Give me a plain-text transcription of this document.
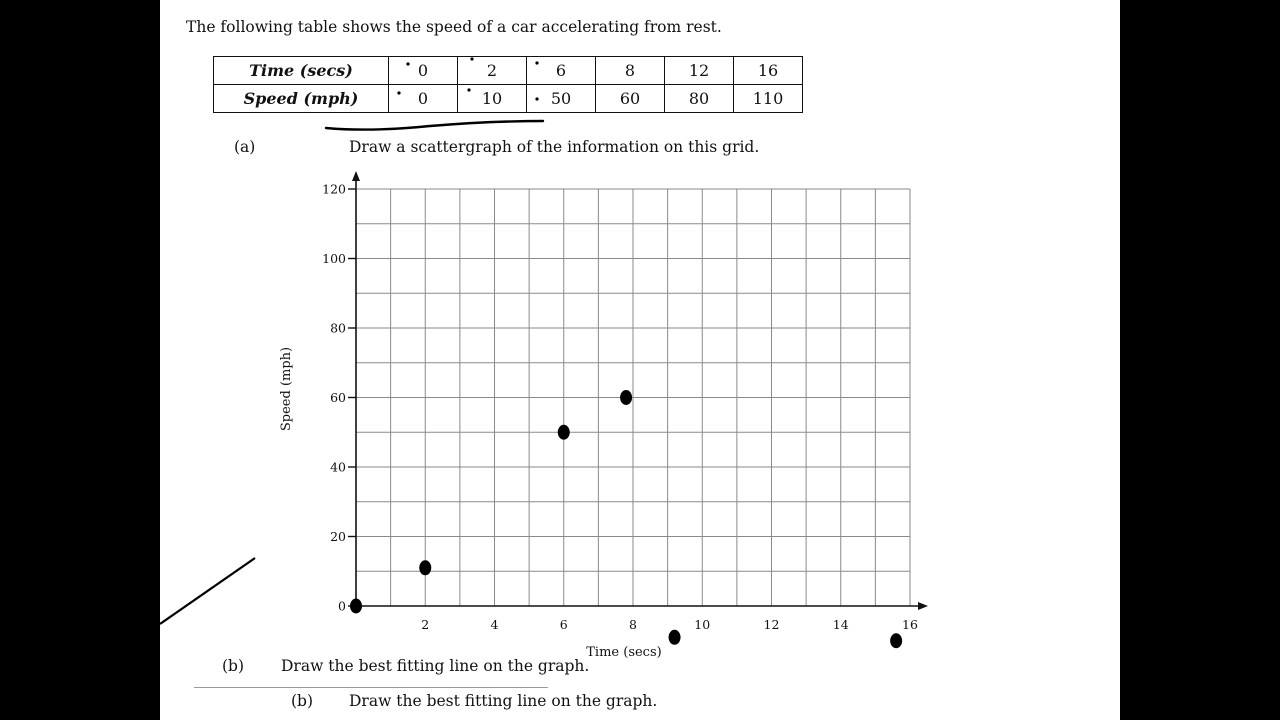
The following table shows the speed of a car accelerating from rest.
Time (secs)	0	2	6	8	12	16
Speed (mph)	0	10	50	60	80	110
(a)	Draw a scattergraph of the information on this grid.
(b) Draw the best fitting line on the graph.
(b) Draw the best fitting line on the graph.
0
20
40
60
80
100
120
2	4	6	8	10	12	14	16
Time (secs)
Speed (mph)
